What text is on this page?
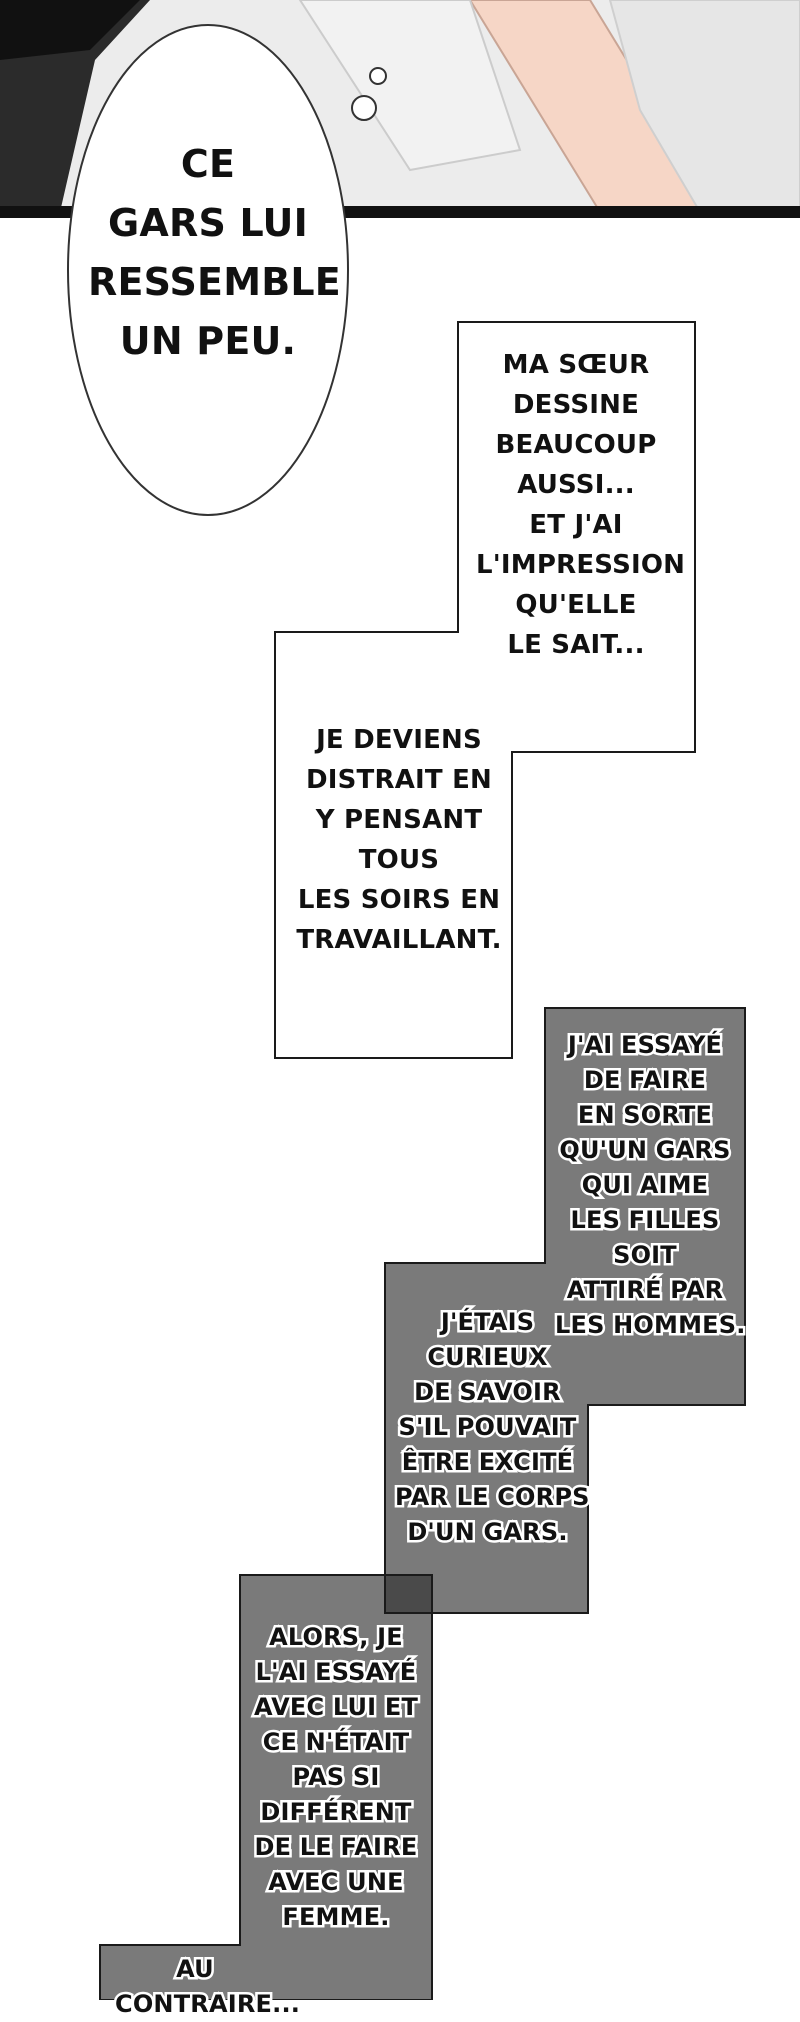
CE
GARS LUI
RESSEMBLE
UN PEU.
MA SŒUR
DESSINE
BEAUCOUP
AUSSI...
ET J'AI
L'IMPRESSION
QU'ELLE
LE SAIT...
JE DEVIENS
DISTRAIT EN
Y PENSANT
TOUS
LES SOIRS EN
TRAVAILLANT.
J'AI ESSAYÉ
DE FAIRE
EN SORTE
QU'UN GARS
QUI AIME
LES FILLES
SOIT
ATTIRÉ PAR
LES HOMMES.
J'ÉTAIS
CURIEUX
DE SAVOIR
S'IL POUVAIT
ÊTRE EXCITÉ
PAR LE CORPS
D'UN GARS.
ALORS, JE
L'AI ESSAYÉ
AVEC LUI ET
CE N'ÉTAIT
PAS SI
DIFFÉRENT
DE LE FAIRE
AVEC UNE
FEMME.
AU
CONTRAIRE...
